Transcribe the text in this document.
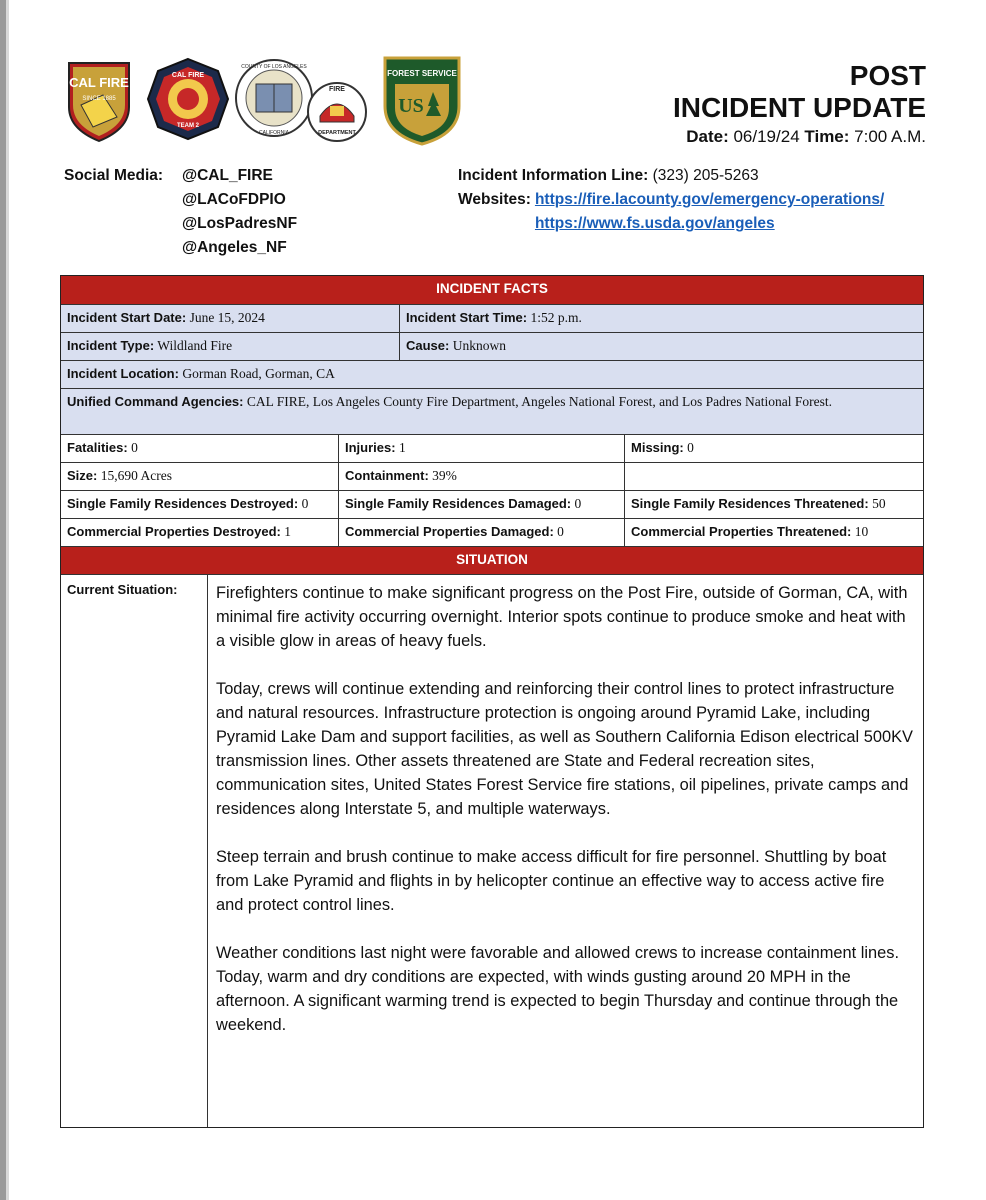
CAL FIRE
SINCE 1885
CAL FIRE
TEAM 2
COUNTY OF LOS ANGELES
CALIFORNIA
FIRE
DEPARTMENT
FOREST SERVICE
US
POST
INCIDENT UPDATE
Date: 06/19/24 Time: 7:00 A.M.
Social Media: @CAL_FIRE
@LACoFDPIO
@LosPadresNF
@Angeles_NF
Incident Information Line: (323) 205-5263
Websites: https://fire.lacounty.gov/emergency-operations/
https://www.fs.usda.gov/angeles
INCIDENT FACTS
Incident Start Date: June 15, 2024	Incident Start Time: 1:52 p.m.
Incident Type: Wildland Fire	Cause: Unknown
Incident Location: Gorman Road, Gorman, CA
Unified Command Agencies: CAL FIRE, Los Angeles County Fire Department, Angeles National Forest, and Los Padres National Forest.
Fatalities: 0	Injuries: 1	Missing: 0
Size: 15,690 Acres	Containment: 39%
Single Family Residences Destroyed: 0	Single Family Residences Damaged: 0	Single Family Residences Threatened: 50
Commercial Properties Destroyed: 1	Commercial Properties Damaged: 0	Commercial Properties Threatened: 10
SITUATION
Current Situation:	Firefighters continue to make significant progress on the Post Fire, outside of Gorman, CA, with minimal fire activity occurring overnight. Interior spots continue to produce smoke and heat with a visible glow in areas of heavy fuels.

Today, crews will continue extending and reinforcing their control lines to protect infrastructure and natural resources. Infrastructure protection is ongoing around Pyramid Lake, including Pyramid Lake Dam and support facilities, as well as Southern California Edison electrical 500KV transmission lines. Other assets threatened are State and Federal recreation sites, communication sites, United States Forest Service fire stations, oil pipelines, private camps and residences along Interstate 5, and multiple waterways.

Steep terrain and brush continue to make access difficult for fire personnel. Shuttling by boat from Lake Pyramid and flights in by helicopter continue an effective way to access active fire and protect control lines.

Weather conditions last night were favorable and allowed crews to increase containment lines. Today, warm and dry conditions are expected, with winds gusting around 20 MPH in the afternoon. A significant warming trend is expected to begin Thursday and continue through the weekend.
